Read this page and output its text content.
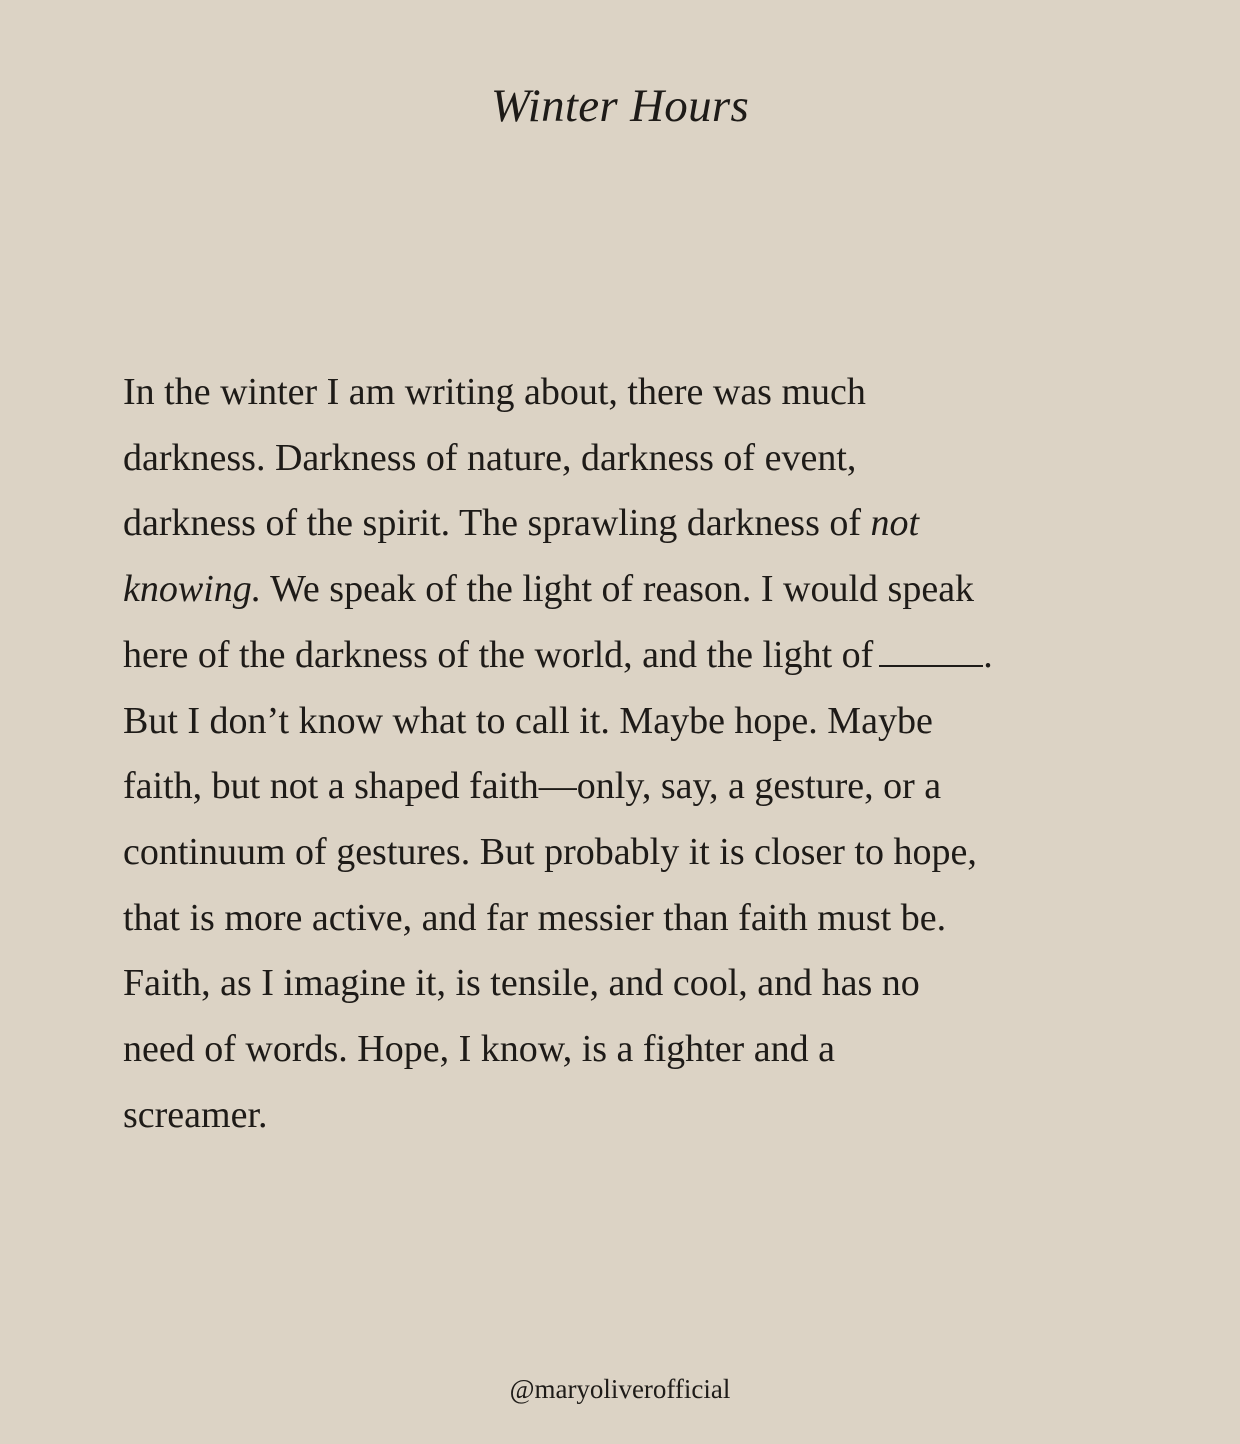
Winter Hours
In the winter I am writing about, there was much
darkness. Darkness of nature, darkness of event,
darkness of the spirit. The sprawling darkness of not
knowing. We speak of the light of reason. I would speak
here of the darkness of the world, and the light of	.
But I don’t know what to call it. Maybe hope. Maybe
faith, but not a shaped faith—only, say, a gesture, or a
continuum of gestures. But probably it is closer to hope,
that is more active, and far messier than faith must be.
Faith, as I imagine it, is tensile, and cool, and has no
need of words. Hope, I know, is a fighter and a
screamer.
@maryoliverofficial
